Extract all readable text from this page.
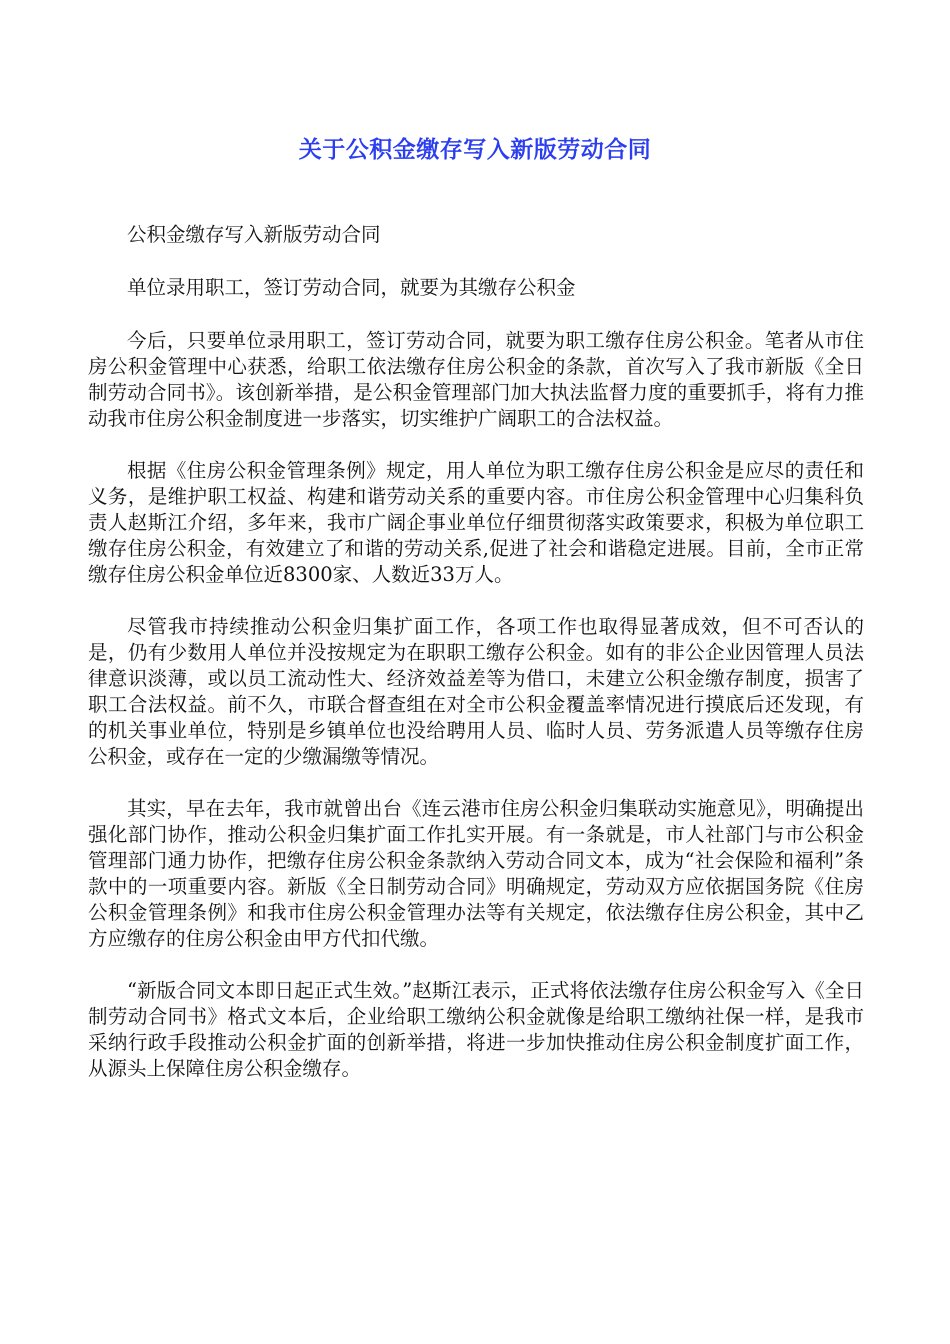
关于公积金缴存写入新版劳动合同

公积金缴存写入新版劳动合同

单位录用职工，签订劳动合同，就要为其缴存公积金

今后，只要单位录用职工，签订劳动合同，就要为职工缴存住房公积金。笔者从市住房公积金管理中心获悉，给职工依法缴存住房公积金的条款，首次写入了我市新版《全日制劳动合同书》。该创新举措，是公积金管理部门加大执法监督力度的重要抓手，将有力推动我市住房公积金制度进一步落实，切实维护广阔职工的合法权益。

根据《住房公积金管理条例》规定，用人单位为职工缴存住房公积金是应尽的责任和义务，是维护职工权益、构建和谐劳动关系的重要内容。市住房公积金管理中心归集科负责人赵斯江介绍，多年来，我市广阔企事业单位仔细贯彻落实政策要求，积极为单位职工缴存住房公积金，有效建立了和谐的劳动关系,促进了社会和谐稳定进展。目前，全市正常缴存住房公积金单位近8300家、人数近33万人。

尽管我市持续推动公积金归集扩面工作，各项工作也取得显著成效，但不可否认的是，仍有少数用人单位并没按规定为在职职工缴存公积金。如有的非公企业因管理人员法律意识淡薄，或以员工流动性大、经济效益差等为借口，未建立公积金缴存制度，损害了职工合法权益。前不久，市联合督查组在对全市公积金覆盖率情况进行摸底后还发现，有的机关事业单位，特别是乡镇单位也没给聘用人员、临时人员、劳务派遣人员等缴存住房公积金，或存在一定的少缴漏缴等情况。

其实，早在去年，我市就曾出台《连云港市住房公积金归集联动实施意见》，明确提出强化部门协作，推动公积金归集扩面工作扎实开展。有一条就是，市人社部门与市公积金管理部门通力协作，把缴存住房公积金条款纳入劳动合同文本，成为“社会保险和福利”条款中的一项重要内容。新版《全日制劳动合同》明确规定，劳动双方应依据国务院《住房公积金管理条例》和我市住房公积金管理办法等有关规定，依法缴存住房公积金，其中乙方应缴存的住房公积金由甲方代扣代缴。

“新版合同文本即日起正式生效。”赵斯江表示，正式将依法缴存住房公积金写入《全日制劳动合同书》格式文本后，企业给职工缴纳公积金就像是给职工缴纳社保一样，是我市采纳行政手段推动公积金扩面的创新举措，将进一步加快推动住房公积金制度扩面工作，从源头上保障住房公积金缴存。
